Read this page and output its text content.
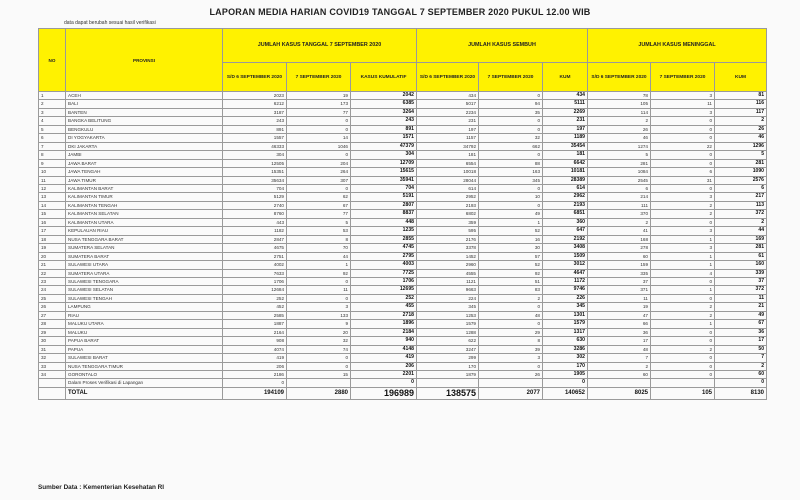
LAPORAN MEDIA HARIAN COVID19 TANGGAL 7 SEPTEMBER 2020 PUKUL 12.00 WIB
data dapat berubah sesuai hasil verifikasi
NO	PROVINSI	JUMLAH KASUS TANGGAL 7 SEPTEMBER 2020			JUMLAH KASUS SEMBUH			JUMLAH KASUS MENINGGAL		
		S/D 6 SEPTEMBER 2020	7 SEPTEMBER 2020	KASUS KUMULATIF	S/D 6 SEPTEMBER 2020	7 SEPTEMBER 2020	KUM	S/D 6 SEPTEMBER 2020	7 SEPTEMBER 2020	KUM
1	ACEH	2023	19	2042	434	0	434	78	3	81
2	BALI	6212	173	6385	5017	94	5111	105	11	116
3	BANTEN	3187	77	3264	2234	35	2269	114	3	117
4	BANGKA BELITUNG	243	0	243	231	0	231	2	0	2
5	BENGKULU	891	0	891	197	0	197	26	0	26
6	DI YOGYAKARTA	1557	14	1571	1157	32	1189	46	0	46
7	DKI JAKARTA	46333	1046	47379	34792	662	35454	1274	22	1296
8	JAMBI	304	0	304	181	0	181	5	0	5
9	JAWA BARAT	12505	204	12709	6554	88	6642	281	0	281
10	JAWA TENGAH	15351	264	15615	10018	163	10181	1084	6	1090
11	JAWA TIMUR	35634	307	35941	28044	345	28389	2545	31	2576
12	KALIMANTAN BARAT	704	0	704	614	0	614	6	0	6
13	KALIMANTAN TIMUR	5129	62	5191	2952	10	2962	214	3	217
14	KALIMANTAN TENGAH	2740	67	2807	2193	0	2193	111	2	113
15	KALIMANTAN SELATAN	8760	77	8837	6802	49	6851	370	2	372
16	KALIMANTAN UTARA	443	5	448	359	1	360	2	0	2
17	KEPULAUAN RIAU	1182	53	1235	595	52	647	41	3	44
18	NUSA TENGGARA BARAT	2847	8	2855	2176	16	2192	168	1	169
19	SUMATERA SELATAN	4675	70	4745	3378	30	3408	278	3	281
20	SUMATERA BARAT	2751	44	2795	1452	57	1509	60	1	61
21	SULAWESI UTARA	4002	1	4003	2960	52	3012	159	1	160
22	SUMATERA UTARA	7633	92	7725	4555	92	4647	335	4	339
23	SULAWESI TENGGARA	1706	0	1706	1121	51	1172	37	0	37
24	SULAWESI SELATAN	12684	11	12695	9663	83	9746	371	1	372
25	SULAWESI TENGAH	252	0	252	224	2	226	11	0	11
26	LAMPUNG	452	3	455	345	0	345	19	2	21
27	RIAU	2585	133	2718	1253	48	1301	47	2	49
28	MALUKU UTARA	1887	9	1896	1579	0	1579	66	1	67
29	MALUKU	2164	20	2184	1288	29	1317	36	0	36
30	PAPUA BARAT	908	32	940	622	8	630	17	0	17
31	PAPUA	4074	74	4148	3247	39	3286	48	2	50
32	SULAWESI BARAT	419	0	419	299	3	302	7	0	7
33	NUSA TENGGARA TIMUR	206	0	206	170	0	170	2	0	2
34	GORONTALO	2186	15	2201	1879	26	1905	60	0	60
	Dalam Proses Verifikasi di Lapangan	0		0			0			0
	TOTAL	194109	2880	196989	138575	2077	140652	8025	105	8130
Sumber Data : Kementerian Kesehatan RI
